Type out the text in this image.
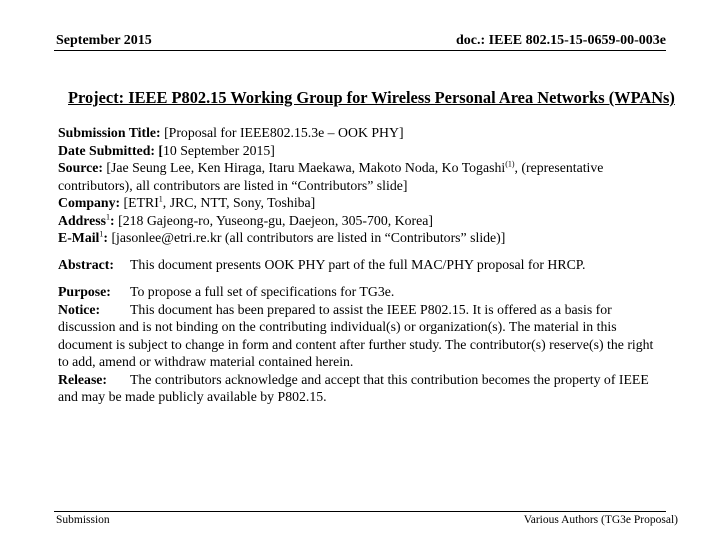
September 2015	doc.: IEEE 802.15-15-0659-00-003e
Project: IEEE P802.15 Working Group for Wireless Personal Area Networks (WPANs)

Submission Title: [Proposal for IEEE802.15.3e – OOK PHY]

Date Submitted: [10 September 2015]

Source: [Jae Seung Lee, Ken Hiraga, Itaru Maekawa, Makoto Noda, Ko Togashi$^{(1)}$, (representative contributors), all contributors are listed in “Contributors” slide]

Company: [ETRI$^1$, JRC, NTT, Sony, Toshiba]

Address$^1$: [218 Gajeong-ro, Yuseong-gu, Daejeon, 305-700, Korea]

E-Mail$^1$: [jasonlee@etri.re.kr (all contributors are listed in “Contributors” slide)]

Abstract:	This document presents OOK PHY part of the full MAC/PHY proposal for HRCP.
Purpose:	To propose a full set of specifications for TG3e.

Notice: This document has been prepared to assist the IEEE P802.15. It is offered as a basis for discussion and is not binding on the contributing individual(s) or organization(s). The material in this document is subject to change in form and content after further study. The contributor(s) reserve(s) the right to add, amend or withdraw material contained herein.

Release: The contributors acknowledge and accept that this contribution becomes the property of IEEE and may be made publicly available by P802.15.

Submission	Various Authors (TG3e Proposal)
